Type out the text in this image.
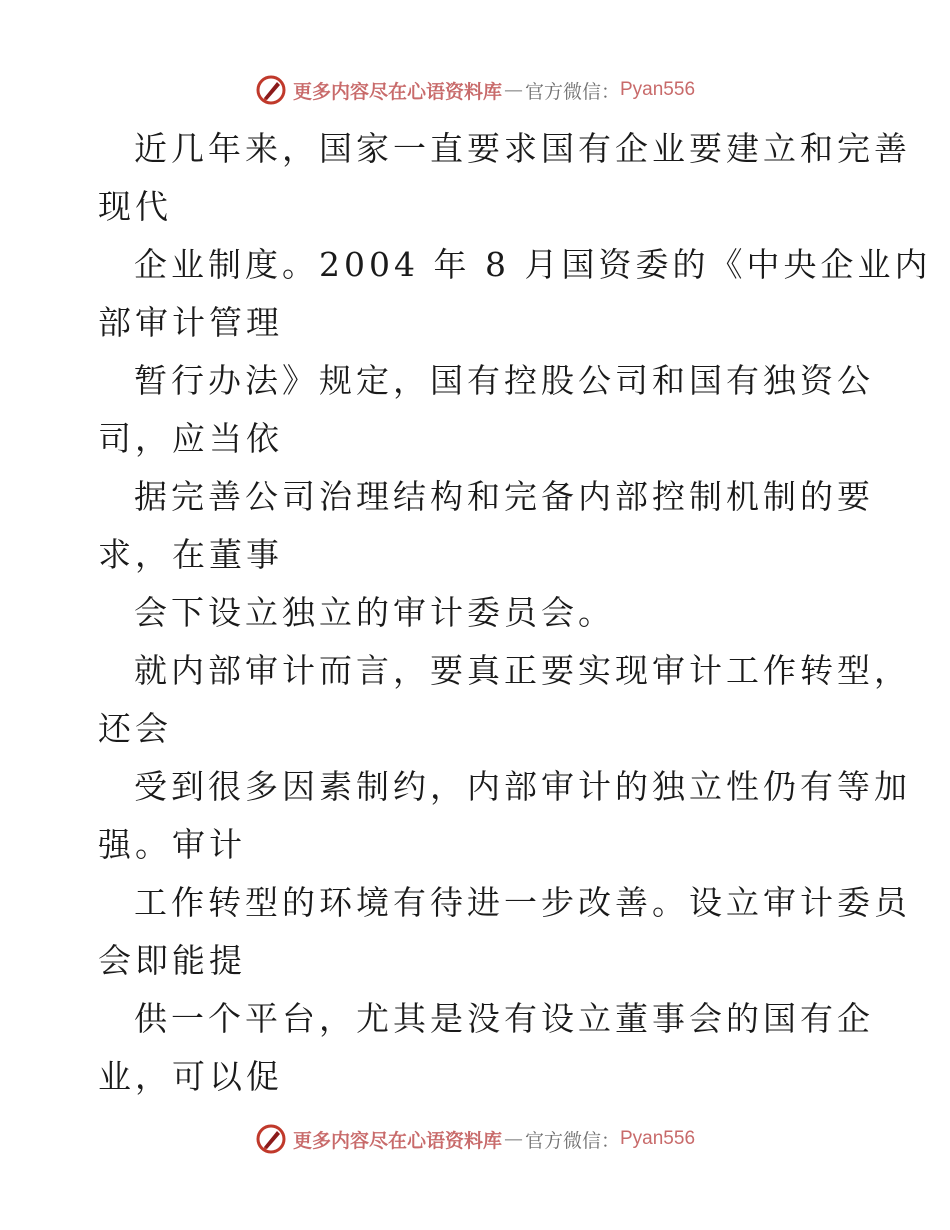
更多内容尽在心语资料库 — 官方微信： Pyan556
近几年来，国家一直要求国有企业要建立和完善
现代
企业制度。2004 年 8 月国资委的《中央企业内
部审计管理
暂行办法》规定，国有控股公司和国有独资公
司，应当依
据完善公司治理结构和完备内部控制机制的要
求，在董事
会下设立独立的审计委员会。
就内部审计而言，要真正要实现审计工作转型，
还会
受到很多因素制约，内部审计的独立性仍有等加
强。审计
工作转型的环境有待进一步改善。设立审计委员
会即能提
供一个平台，尤其是没有设立董事会的国有企
业，可以促
更多内容尽在心语资料库 — 官方微信： Pyan556
